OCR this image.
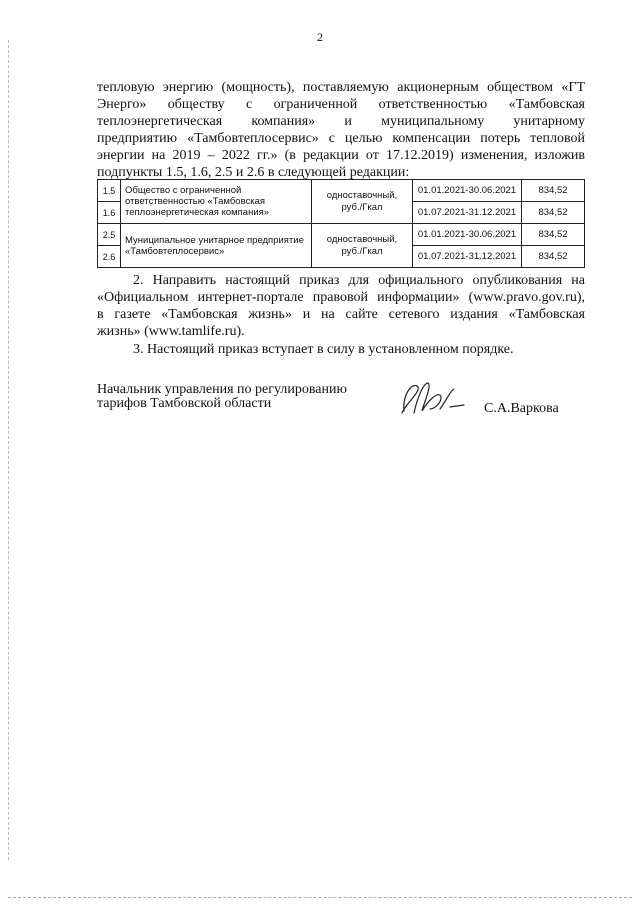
2
тепловую энергию (мощность), поставляемую акционерным обществом «ГТ
Энерго» обществу с ограниченной ответственностью «Тамбовская
теплоэнергетическая компания» и муниципальному унитарному
предприятию «Тамбовтеплосервис» с целью компенсации потерь тепловой
энергии на 2019 – 2022 гг.» (в редакции от 17.12.2019) изменения, изложив
подпункты 1.5, 1.6, 2.5 и 2.6 в следующей редакции:
1.5	Общество с ограниченной ответственностью «Тамбовская теплоэнергетическая компания»	одноставочный, руб./Гкал	01.01.2021-30.06.2021	834,52
1.6			01.07.2021-31.12.2021	834,52
2.5	Муниципальное унитарное предприятие «Тамбовтеплосервис»	одноставочный, руб./Гкал	01.01.2021-30.06.2021	834,52
2.6			01.07.2021-31.12.2021	834,52
2. Направить настоящий приказ для официального опубликования на
«Официальном интернет-портале правовой информации» (www.pravo.gov.ru),
в газете «Тамбовская жизнь» и на сайте сетевого издания «Тамбовская
жизнь» (www.tamlife.ru).
3. Настоящий приказ вступает в силу в установленном порядке.
Начальник управления по регулированию
тарифов Тамбовской области	С.А.Варкова
